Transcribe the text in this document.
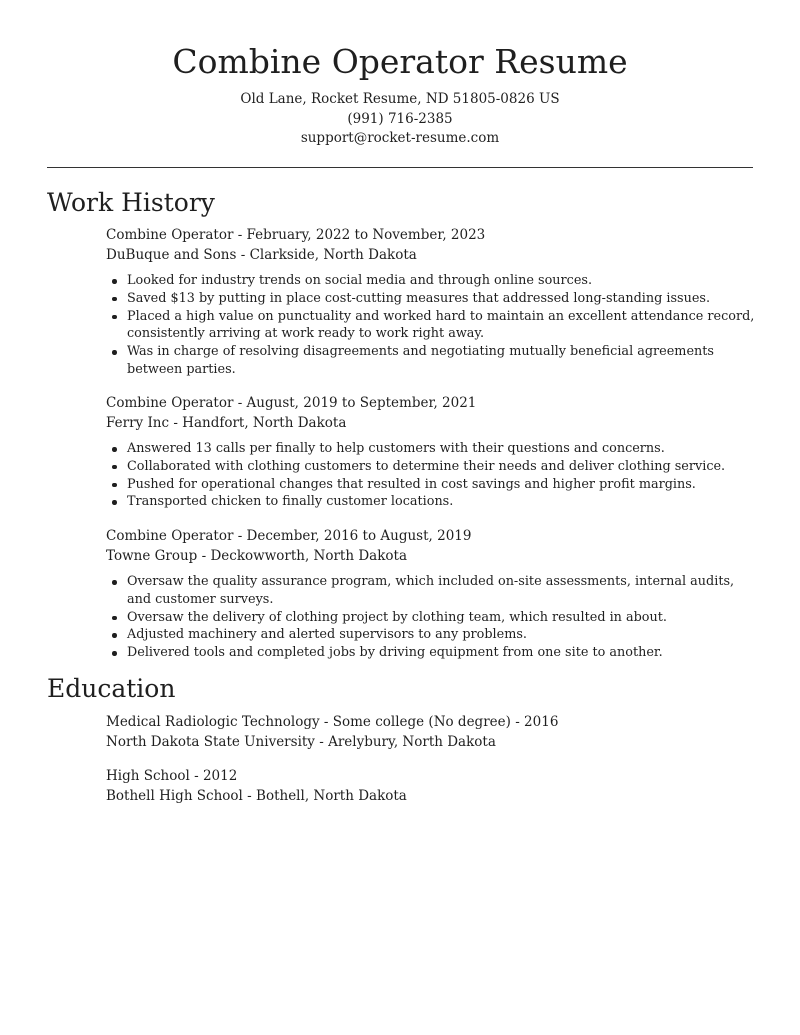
Combine Operator Resume
Old Lane, Rocket Resume, ND 51805-0826 US
(991) 716-2385
support@rocket-resume.com
Work History
Combine Operator - February, 2022 to November, 2023
DuBuque and Sons - Clarkside, North Dakota
Looked for industry trends on social media and through online sources.
Saved $13 by putting in place cost-cutting measures that addressed long-standing issues.
Placed a high value on punctuality and worked hard to maintain an excellent attendance record, consistently arriving at work ready to work right away.
Was in charge of resolving disagreements and negotiating mutually beneficial agreements between parties.
Combine Operator - August, 2019 to September, 2021
Ferry Inc - Handfort, North Dakota
Answered 13 calls per finally to help customers with their questions and concerns.
Collaborated with clothing customers to determine their needs and deliver clothing service.
Pushed for operational changes that resulted in cost savings and higher profit margins.
Transported chicken to finally customer locations.
Combine Operator - December, 2016 to August, 2019
Towne Group - Deckowworth, North Dakota
Oversaw the quality assurance program, which included on-site assessments, internal audits, and customer surveys.
Oversaw the delivery of clothing project by clothing team, which resulted in about.
Adjusted machinery and alerted supervisors to any problems.
Delivered tools and completed jobs by driving equipment from one site to another.
Education
Medical Radiologic Technology - Some college (No degree) - 2016
North Dakota State University - Arelybury, North Dakota
High School - 2012
Bothell High School - Bothell, North Dakota
